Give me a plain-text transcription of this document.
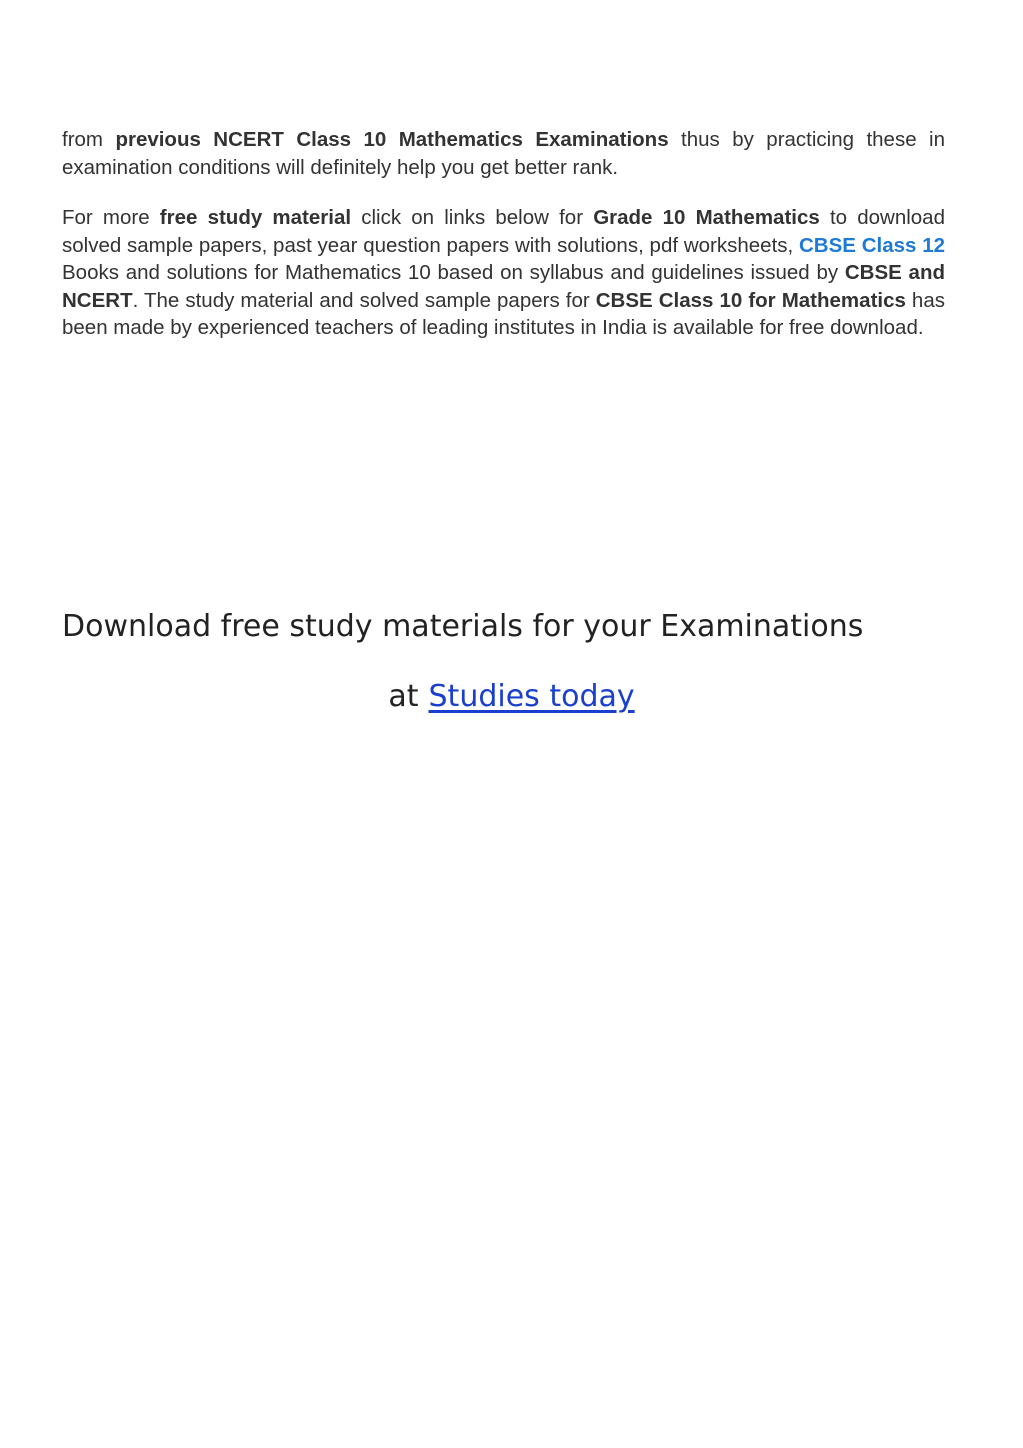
from previous NCERT Class 10 Mathematics Examinations thus by practicing these in examination conditions will definitely help you get better rank.

For more free study material click on links below for Grade 10 Mathematics to download solved sample papers, past year question papers with solutions, pdf worksheets, CBSE Class 12 Books and solutions for Mathematics 10 based on syllabus and guidelines issued by CBSE and NCERT. The study material and solved sample papers for CBSE Class 10 for Mathematics has been made by experienced teachers of leading institutes in India is available for free download.

Download free study materials for your Examinations

at Studies today
